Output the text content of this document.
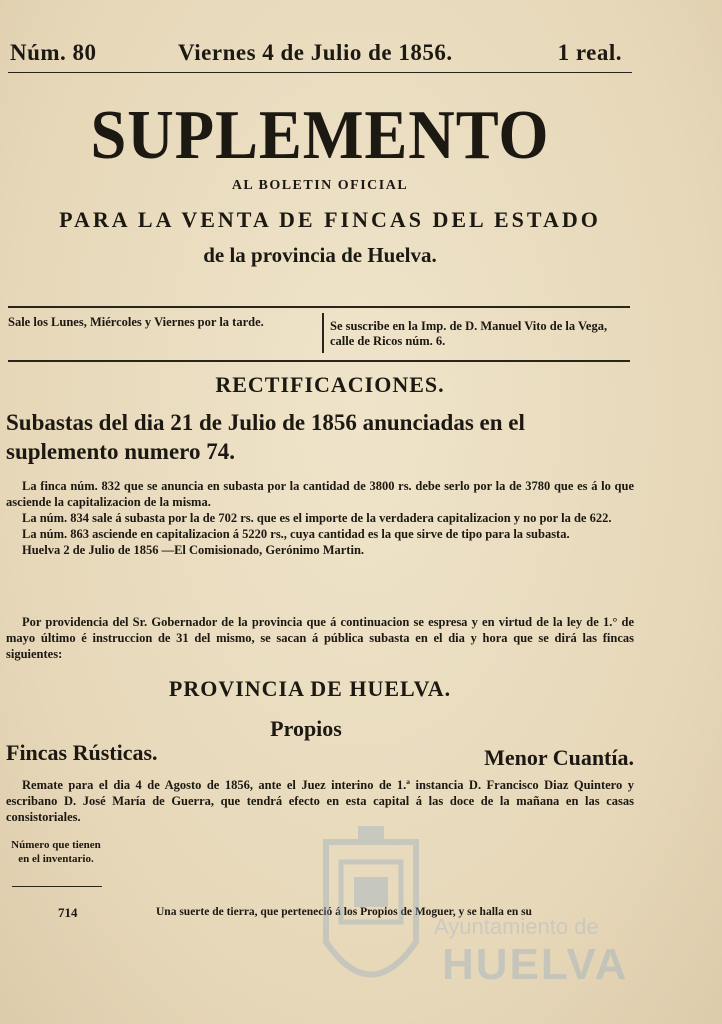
Núm. 80	Viernes 4 de Julio de 1856.	1 real.
SUPLEMENTO
AL BOLETIN OFICIAL
PARA LA VENTA DE FINCAS DEL ESTADO
de la provincia de Huelva.
Sale los Lunes, Miércoles y Viernes por la tarde.	Se suscribe en la Imp. de D. Manuel Vito de la Vega, calle de Ricos núm. 6.
RECTIFICACIONES.
Subastas del dia 21 de Julio de 1856 anunciadas en el suplemento numero 74.

La finca núm. 832 que se anuncia en subasta por la cantidad de 3800 rs. debe serlo por la de 3780 que es á lo que asciende la capitalizacion de la misma.

La núm. 834 sale á subasta por la de 702 rs. que es el importe de la verdadera capitalizacion y no por la de 622.

La núm. 863 asciende en capitalizacion á 5220 rs., cuya cantidad es la que sirve de tipo para la subasta.

Huelva 2 de Julio de 1856 —El Comisionado, Gerónimo Martin.

Por providencia del Sr. Gobernador de la provincia que á continuacion se espresa y en virtud de la ley de 1.° de mayo último é instruccion de 31 del mismo, se sacan á pública subasta en el dia y hora que se dirá las fincas siguientes:

PROVINCIA DE HUELVA.
Propios
Fincas Rústicas.	Menor Cuantía.

Remate para el dia 4 de Agosto de 1856, ante el Juez interino de 1.ª instancia D. Francisco Diaz Quintero y escribano D. José María de Guerra, que tendrá efecto en esta capital á las doce de la mañana en las casas consistoriales.

Número que tienen en el inventario.
714	Una suerte de tierra, que perteneció á los Propios de Moguer, y se halla en su
Ayuntamiento de
HUELVA
